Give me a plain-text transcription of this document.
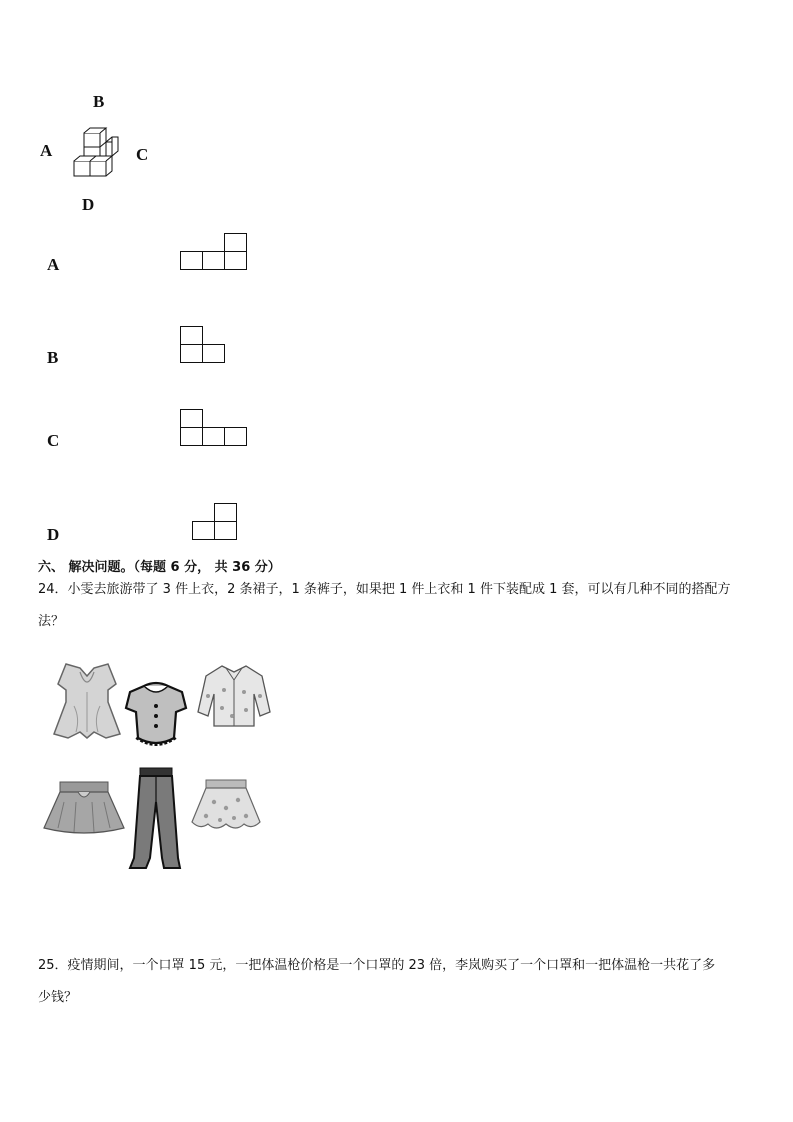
B
A	C
D
A
B
C
D
六、 解决问题。（每题 6 分， 共 36 分）
24．小雯去旅游带了 3 件上衣，2 条裙子，1 条裤子，如果把 1 件上衣和 1 件下装配成 1 套，可以有几种不同的搭配方
法？
25．疫情期间，一个口罩 15 元，一把体温枪价格是一个口罩的 23 倍，李岚购买了一个口罩和一把体温枪一共花了多
少钱？
